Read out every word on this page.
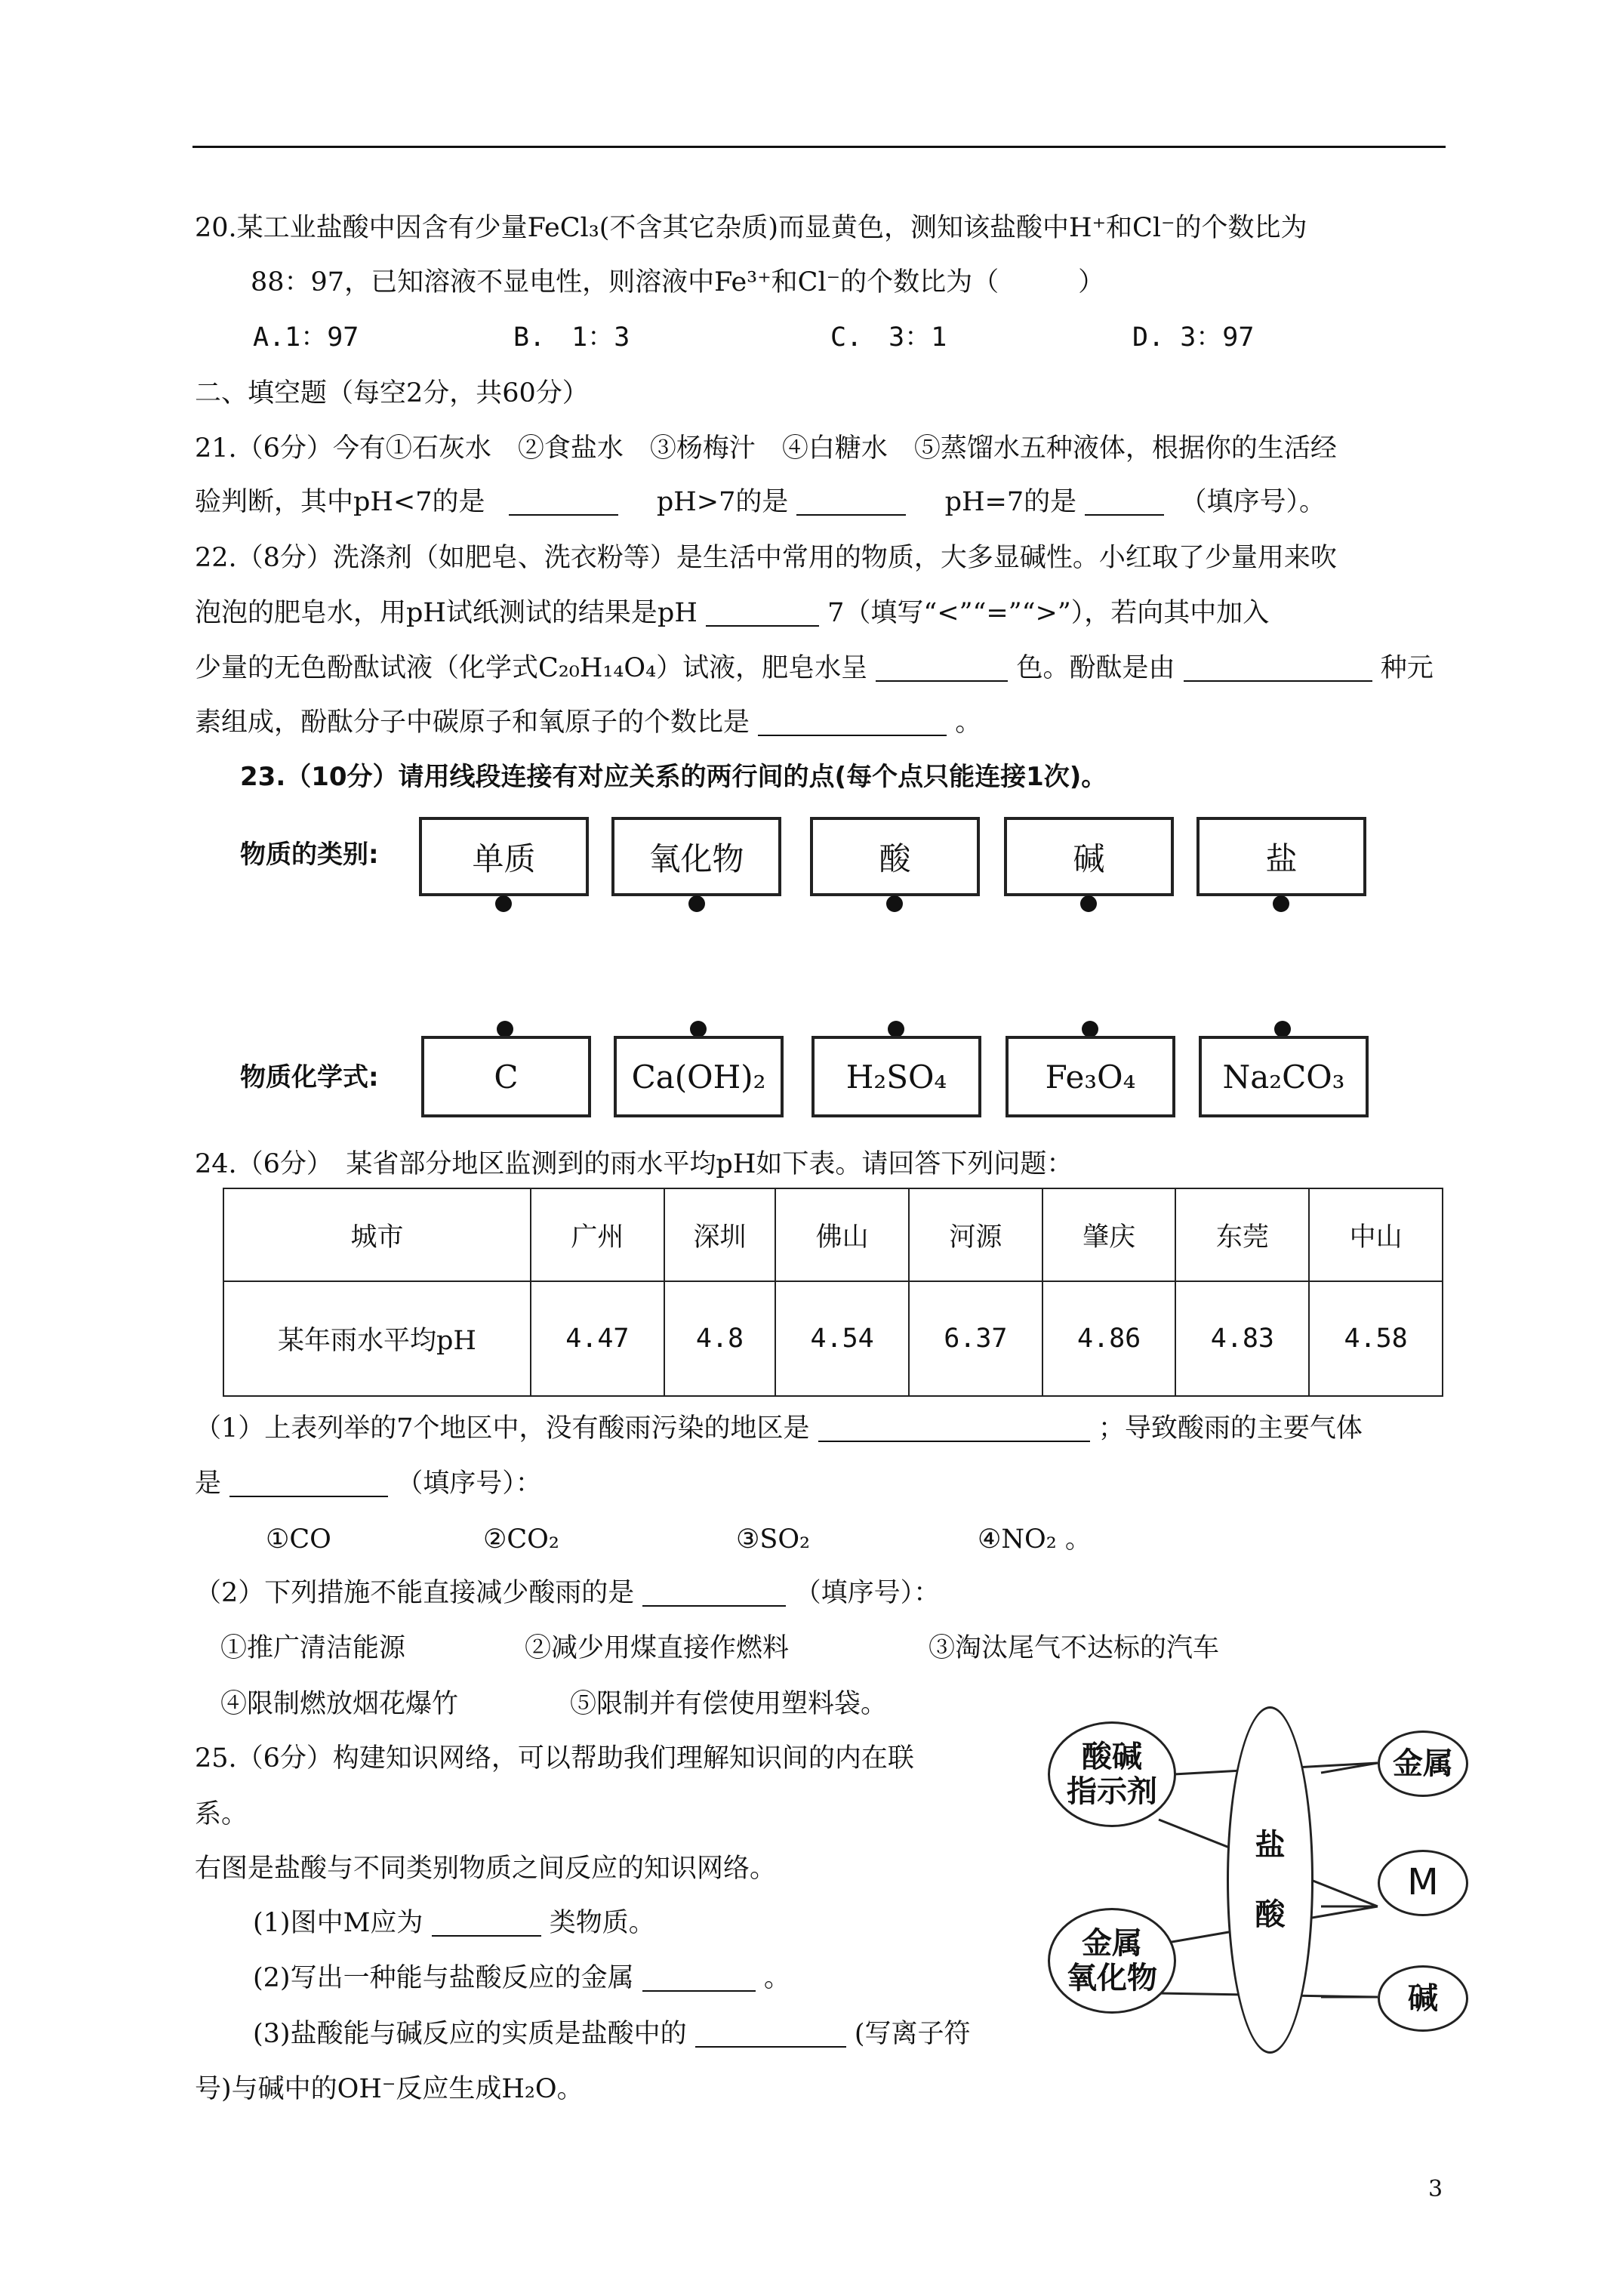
20.某工业盐酸中因含有少量FeCl₃(不含其它杂质)而显黄色，测知该盐酸中H⁺和Cl⁻的个数比为
88：97，已知溶液不显电性，则溶液中Fe³⁺和Cl⁻的个数比为（　　　）
A.1：97	B.　1：3	C.　3：1	D. 3：97
二、填空题（每空2分，共60分）
21.（6分）今有①石灰水　②食盐水　③杨梅汁　④白糖水　⑤蒸馏水五种液体，根据你的生活经
验判断，其中pH<7的是	pH>7的是	pH=7的是	（填序号）。
22.（8分）洗涤剂（如肥皂、洗衣粉等）是生活中常用的物质，大多显碱性。小红取了少量用来吹
泡泡的肥皂水，用pH试纸测试的结果是pH	7（填写“<”“=”“>”），若向其中加入
少量的无色酚酞试液（化学式C₂₀H₁₄O₄）试液，肥皂水呈	色。酚酞是由	种元
素组成，酚酞分子中碳原子和氧原子的个数比是	。
23.（10分）请用线段连接有对应关系的两行间的点(每个点只能连接1次)。
物质的类别:
物质化学式:
单质	氧化物	酸	碱	盐
C	Ca(OH)₂	H₂SO₄	Fe₃O₄	Na₂CO₃
24.（6分）　某省部分地区监测到的雨水平均pH如下表。请回答下列问题：
城市	广州	深圳	佛山	河源	肇庆	东莞	中山
某年雨水平均pH	4.47	4.8	4.54	6.37	4.86	4.83	4.58
（1）上表列举的7个地区中，没有酸雨污染的地区是	；导致酸雨的主要气体
是	（填序号）：
①CO	②CO₂	③SO₂	④NO₂ 。
（2）下列措施不能直接减少酸雨的是	（填序号）：
①推广清洁能源	②减少用煤直接作燃料	③淘汰尾气不达标的汽车
④限制燃放烟花爆竹	⑤限制并有偿使用塑料袋。
25.（6分）构建知识网络，可以帮助我们理解知识间的内在联
系。
右图是盐酸与不同类别物质之间反应的知识网络。
(1)图中M应为	类物质。
(2)写出一种能与盐酸反应的金属	。
(3)盐酸能与碱反应的实质是盐酸中的	(写离子符
号)与碱中的OH⁻反应生成H₂O。
酸碱
指示剂
金属
氧化物
盐

酸
金属
M
碱
3
